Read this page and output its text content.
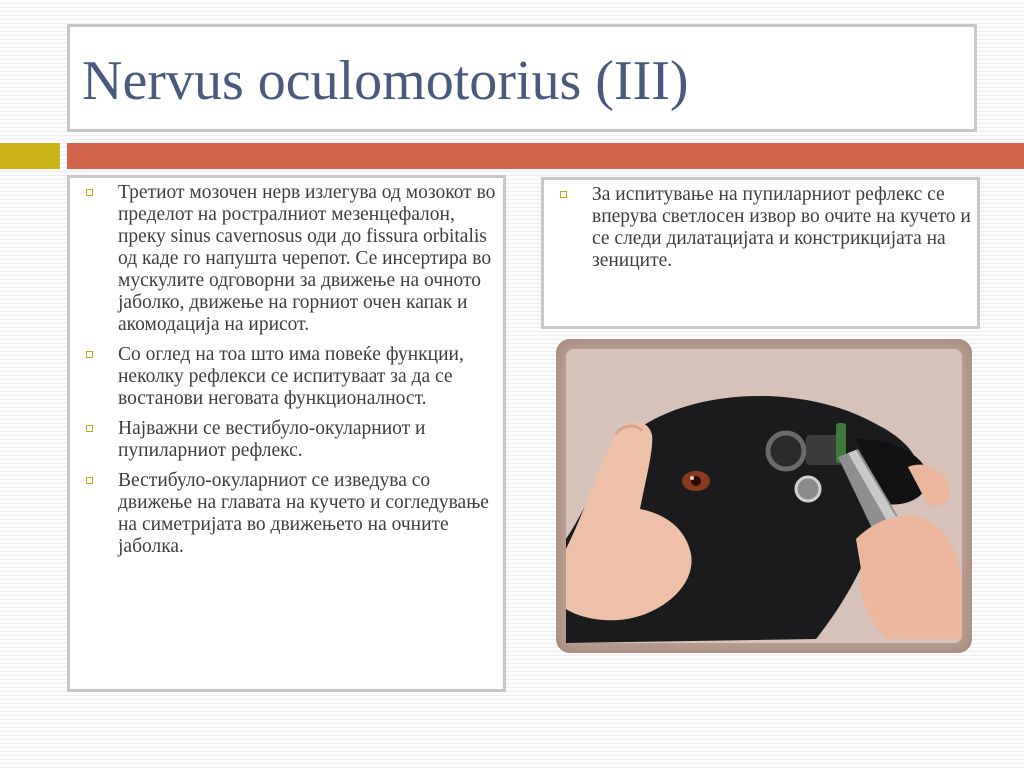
Nervus oculomotorius (III)
Третиот мозочен нерв излегува од мозокот во пределот на ростралниот мезенцефалон, преку sinus cavernosus оди до fissura orbitalis од каде го напушта черепот. Се инсертира во мускулите одговорни за движење на очното јаболко, движење на горниот очен капак и акомодација на ирисот.
Со оглед на тоа што има повеќе функции, неколку рефлекси се испитуваат за да се востанови неговата функционалност.
Најважни се вестибуло-окуларниот и пупиларниот рефлекс.
Вестибуло-окуларниот се изведува со движење на главата на кучето и согледување на симетријата во движењето на очните јаболка.
За испитување на пупиларниот рефлекс се вперува светлосен извор во очите на кучето и се следи дилатацијата и констрикцијата на зениците.
